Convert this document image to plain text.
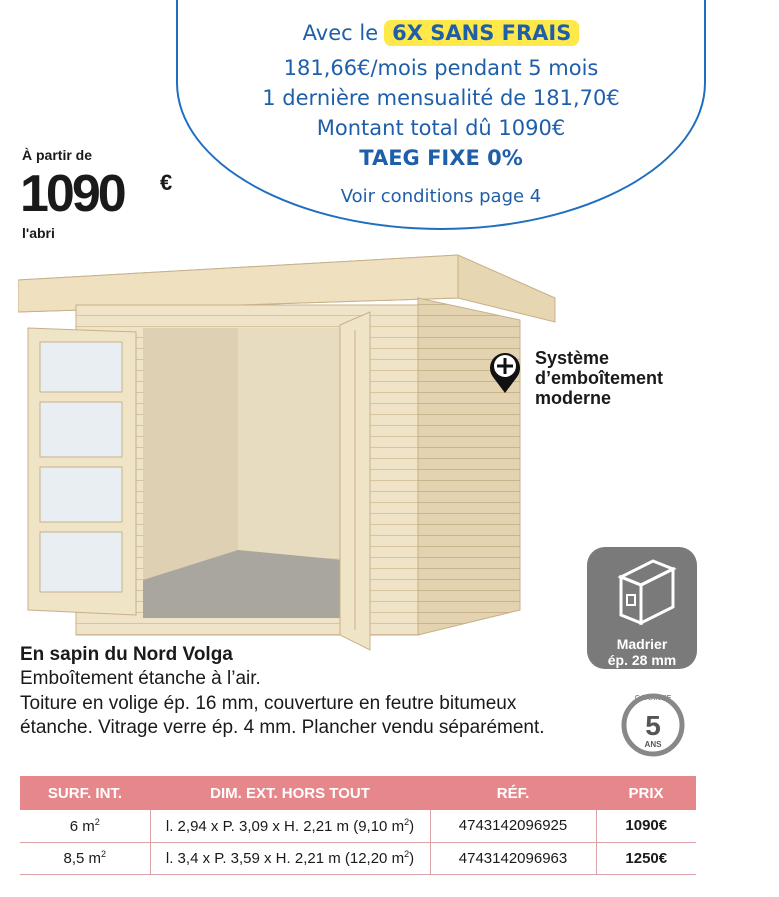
Avec le 6X SANS FRAIS
181,66€/mois pendant 5 mois
1 dernière mensualité de 181,70€
Montant total dû 1090€
TAEG FIXE 0%
Voir conditions page 4
À partir de
1090 €
l'abri
Système d’emboîtement moderne
Madrier
ép. 28 mm
GARANTIE
5
ANS
En sapin du Nord Volga
Emboîtement étanche à l’air.
Toiture en volige ép. 16 mm, couverture en feutre bitumeux étanche. Vitrage verre ép. 4 mm. Plancher vendu séparément.
SURF. INT.	DIM. EXT. HORS TOUT	RÉF.	PRIX
6 $m^2$	l. 2,94 x P. 3,09 x H. 2,21 m (9,10 $m^2$)	4743142096925	1090€
8,5 $m^2$	l. 3,4 x P. 3,59 x H. 2,21 m (12,20 $m^2$)	4743142096963	1250€
